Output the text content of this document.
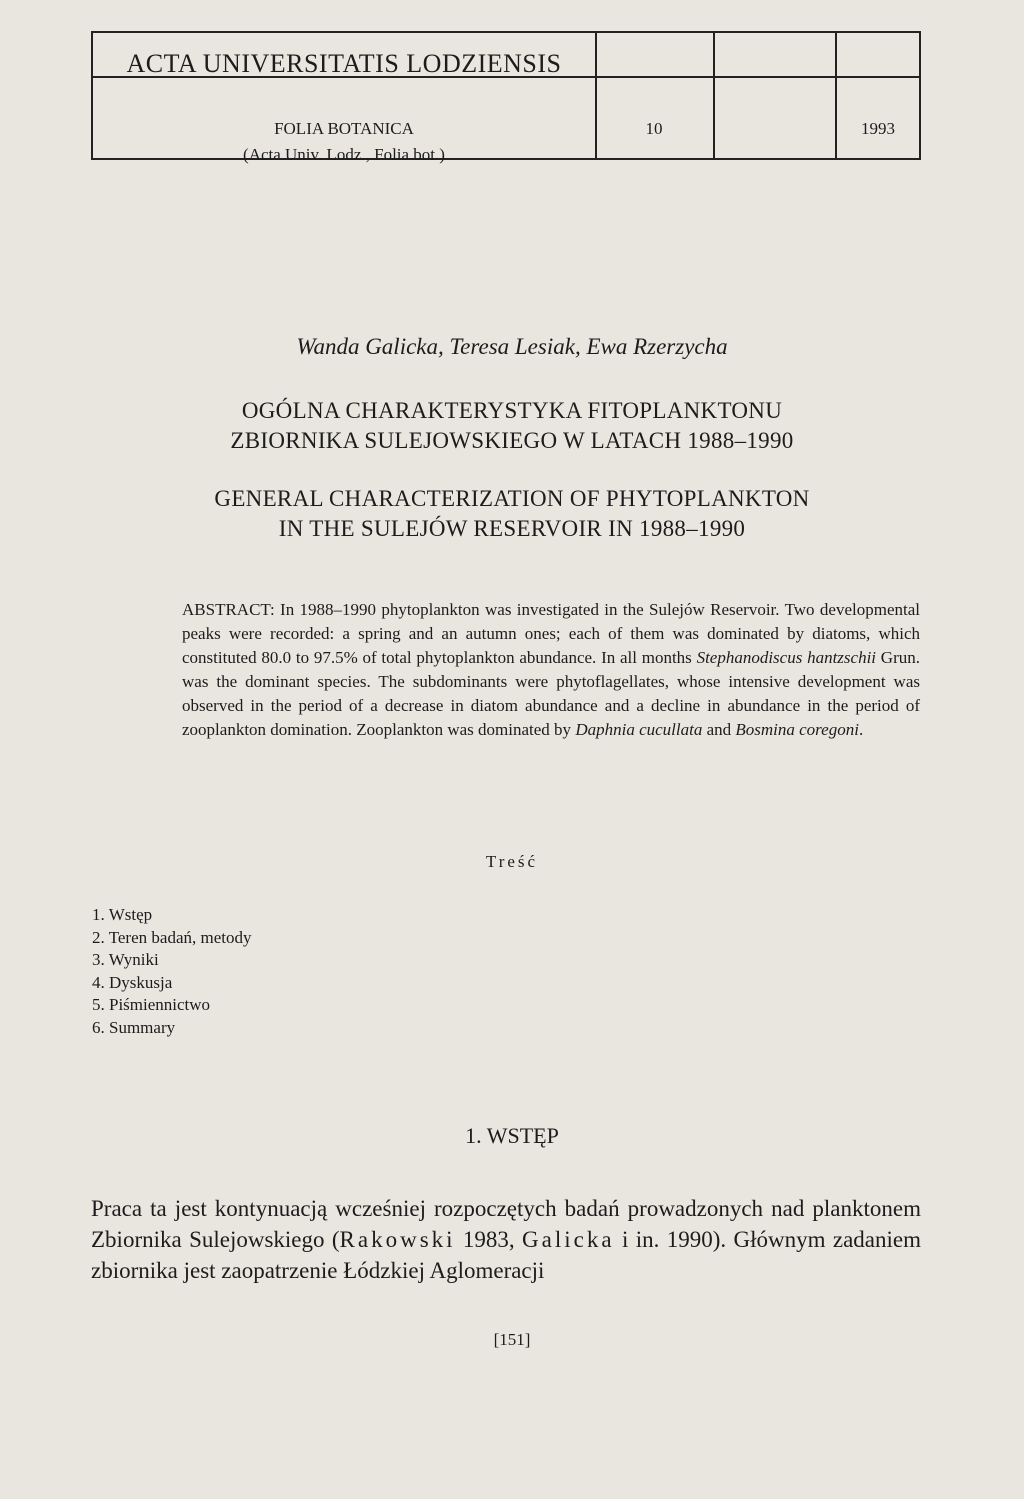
ACTA UNIVERSITATIS LODZIENSIS
FOLIA BOTANICA
(Acta Univ. Lodz., Folia bot.)
10	1993
Wanda Galicka, Teresa Lesiak, Ewa Rzerzycha
OGÓLNA CHARAKTERYSTYKA FITOPLANKTONU
ZBIORNIKA SULEJOWSKIEGO W LATACH 1988–1990
GENERAL CHARACTERIZATION OF PHYTOPLANKTON
IN THE SULEJÓW RESERVOIR IN 1988–1990
ABSTRACT: In 1988–1990 phytoplankton was investigated in the Sulejów Reservoir. Two developmental peaks were recorded: a spring and an autumn ones; each of them was dominated by diatoms, which constituted 80.0 to 97.5% of total phytoplankton abundance. In all months Stephanodiscus hantzschii Grun. was the dominant species. The subdominants were phytoflagellates, whose intensive development was observed in the period of a decrease in diatom abundance and a decline in abundance in the period of zooplankton domination. Zooplankton was dominated by Daphnia cucullata and Bosmina coregoni.
Treść
1. Wstęp
2. Teren badań, metody
3. Wyniki
4. Dyskusja
5. Piśmiennictwo
6. Summary
1. WSTĘP
Praca ta jest kontynuacją wcześniej rozpoczętych badań prowadzonych nad planktonem Zbiornika Sulejowskiego (Rakowski 1983, Galicka i in. 1990). Głównym zadaniem zbiornika jest zaopatrzenie Łódzkiej Aglomeracji
[151]
